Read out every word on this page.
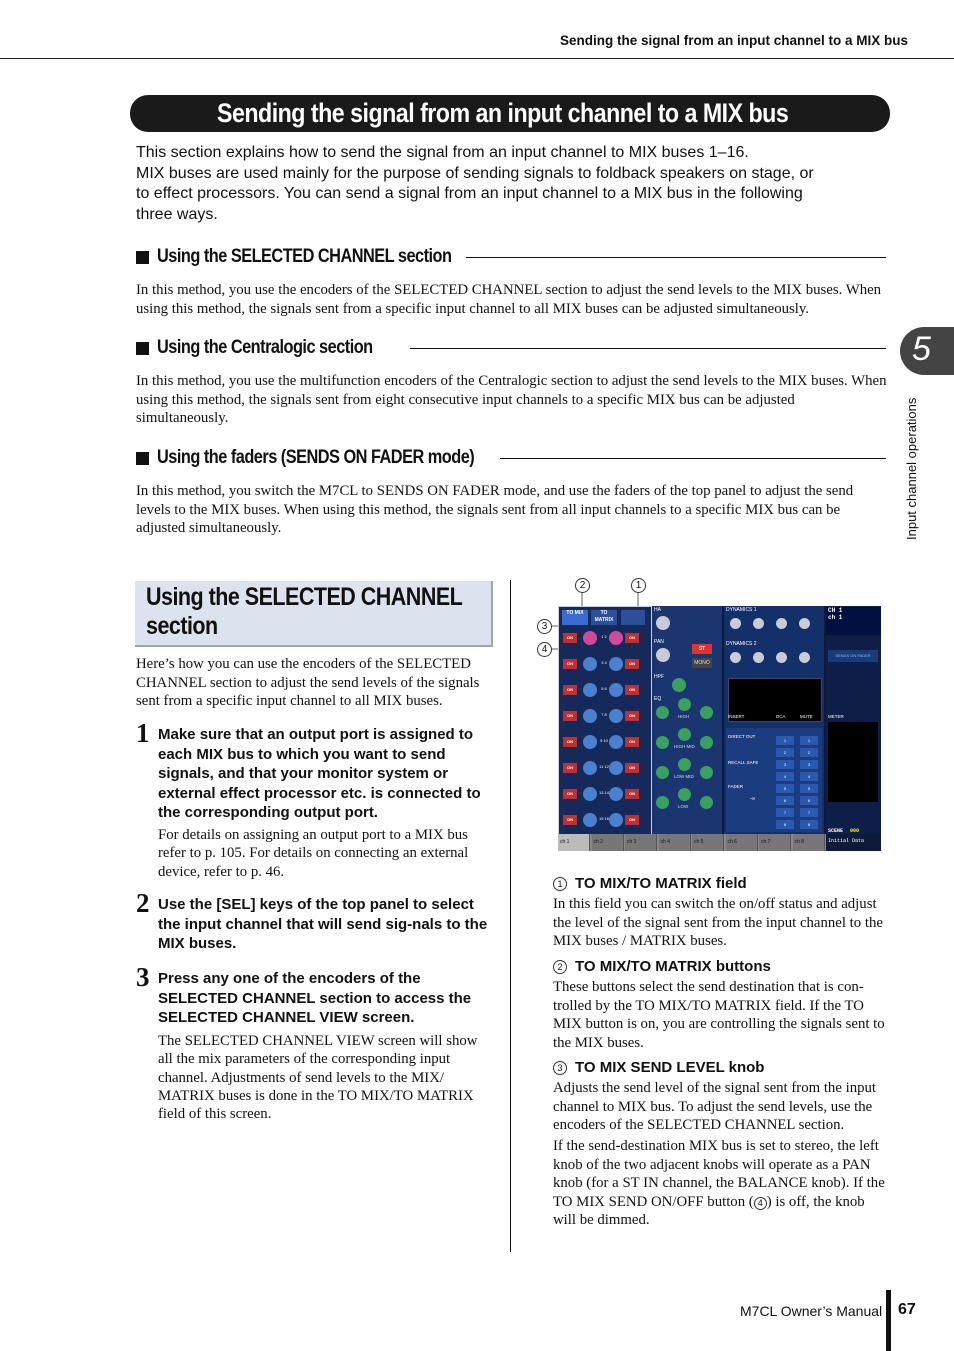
Sending the signal from an input channel to a MIX bus
Sending the signal from an input channel to a MIX bus
This section explains how to send the signal from an input channel to MIX buses 1–16.
MIX buses are used mainly for the purpose of sending signals to foldback speakers on stage, or
to effect processors. You can send a signal from an input channel to a MIX bus in the following
three ways.
Using the SELECTED CHANNEL section
In this method, you use the encoders of the SELECTED CHANNEL section to adjust the send levels to the MIX buses. When using this method, the signals sent from a specific input channel to all MIX buses can be adjusted simultaneously.
Using the Centralogic section
In this method, you use the multifunction encoders of the Centralogic section to adjust the send levels to the MIX buses. When using this method, the signals sent from eight consecutive input channels to a specific MIX bus can be adjusted simultaneously.
Using the faders (SENDS ON FADER mode)
In this method, you switch the M7CL to SENDS ON FADER mode, and use the faders of the top panel to adjust the send levels to the MIX buses. When using this method, the signals sent from all input channels to a specific MIX bus can be adjusted simultaneously.
5
Input channel operations
Using the SELECTED CHANNEL section
Here’s how you can use the encoders of the SELECTED CHANNEL section to adjust the send levels of the signals sent from a specific input channel to all MIX buses.
1 Make sure that an output port is assigned to each MIX bus to which you want to send signals, and that your monitor system or external effect processor etc. is connected to the corresponding output port.
For details on assigning an output port to a MIX bus refer to p. 105. For details on connecting an external device, refer to p. 46.
2 Use the [SEL] keys of the top panel to select the input channel that will send sig-nals to the MIX buses.
3 Press any one of the encoders of the SELECTED CHANNEL section to access the SELECTED CHANNEL VIEW screen.
The SELECTED CHANNEL VIEW screen will show all the mix parameters of the corresponding input channel. Adjustments of send levels to the MIX/ MATRIX buses is done in the TO MIX/TO MATRIX field of this screen.
2	1
3
4
TO MIX	TO MATRIX
ON	ON
1 2
ON	ON
3 4
ON	ON
5 6
ON	ON
7 8
ON	ON
9 10
ON	ON
11 12
ON	ON
13 14
ON	ON
15 16
HA
PAN
ST
MONO
HPF
EQ
HIGH
HIGH MID
LOW MID
LOW
DYNAMICS 1
DYNAMICS 2
CH 1
ch 1
SENDS ON FADER
METER
SCENE 000
Initial Data
INSERT	DCA	MUTE
DIRECT OUT
RECALL SAFE
FADER
-∞
1	1
2	2
3	3
4	4
5	5
6	6
7	7
8	8
ch 1	ch 2	ch 3	ch 4	ch 5	ch 6	ch 7	ch 8
1 TO MIX/TO MATRIX field
In this field you can switch the on/off status and adjust the level of the signal sent from the input channel to the MIX buses / MATRIX buses.
2 TO MIX/TO MATRIX buttons
These buttons select the send destination that is con-trolled by the TO MIX/TO MATRIX field. If the TO MIX button is on, you are controlling the signals sent to the MIX buses.
3 TO MIX SEND LEVEL knob
Adjusts the send level of the signal sent from the input channel to MIX bus. To adjust the send levels, use the encoders of the SELECTED CHANNEL section.
If the send-destination MIX bus is set to stereo, the left knob of the two adjacent knobs will operate as a PAN knob (for a ST IN channel, the BALANCE knob). If the TO MIX SEND ON/OFF button ( 4 ) is off, the knob will be dimmed.
M7CL Owner’s Manual 67
